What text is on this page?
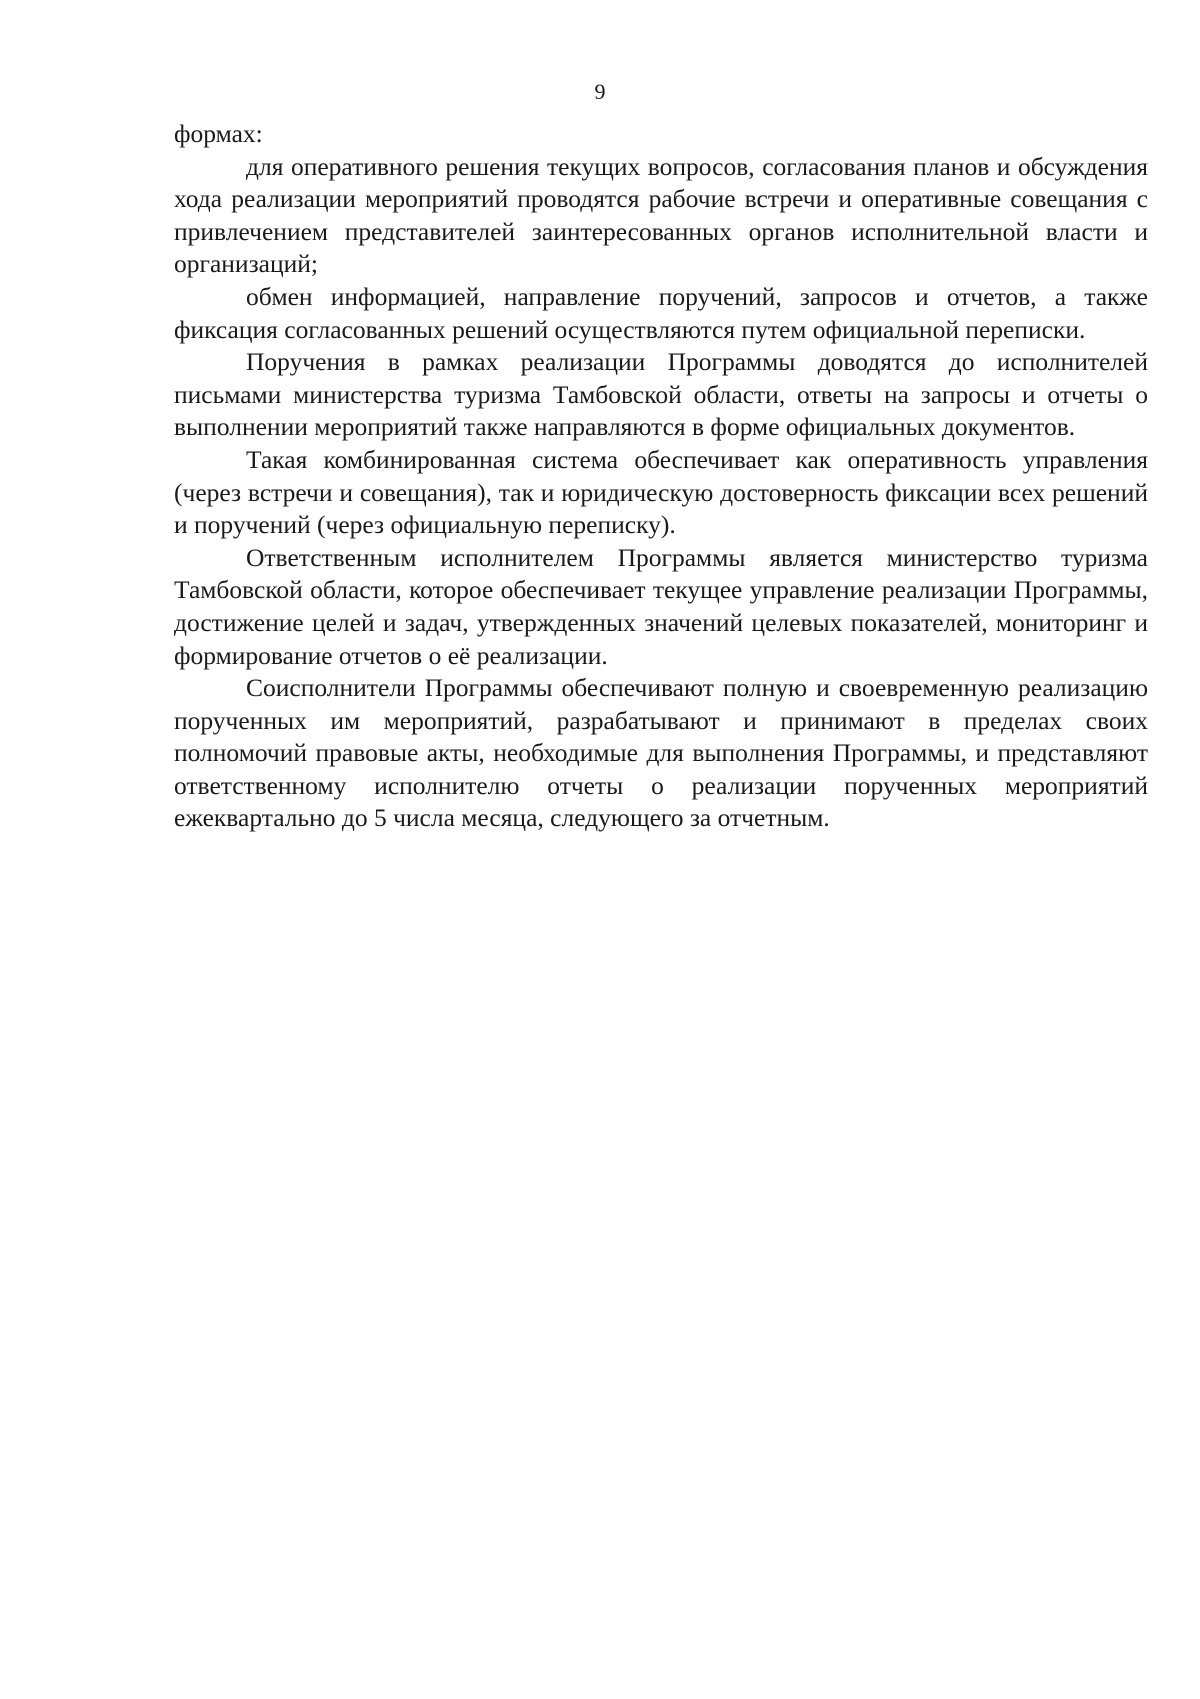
9

формах:

для оперативного решения текущих вопросов, согласования планов и обсуждения хода реализации мероприятий проводятся рабочие встречи и оперативные совещания с привлечением представителей заинтересованных органов исполнительной власти и организаций;

обмен информацией, направление поручений, запросов и отчетов, а также фиксация согласованных решений осуществляются путем официальной переписки.

Поручения в рамках реализации Программы доводятся до исполнителей письмами министерства туризма Тамбовской области, ответы на запросы и отчеты о выполнении мероприятий также направляются в форме официальных документов.

Такая комбинированная система обеспечивает как оперативность управления (через встречи и совещания), так и юридическую достоверность фиксации всех решений и поручений (через официальную переписку).

Ответственным исполнителем Программы является министерство туризма Тамбовской области, которое обеспечивает текущее управление реализации Программы, достижение целей и задач, утвержденных значений целевых показателей, мониторинг и формирование отчетов о её реализации.

Соисполнители Программы обеспечивают полную и своевременную реализацию порученных им мероприятий, разрабатывают и принимают в пределах своих полномочий правовые акты, необходимые для выполнения Программы, и представляют ответственному исполнителю отчеты о реализации порученных мероприятий ежеквартально до 5 числа месяца, следующего за отчетным.
